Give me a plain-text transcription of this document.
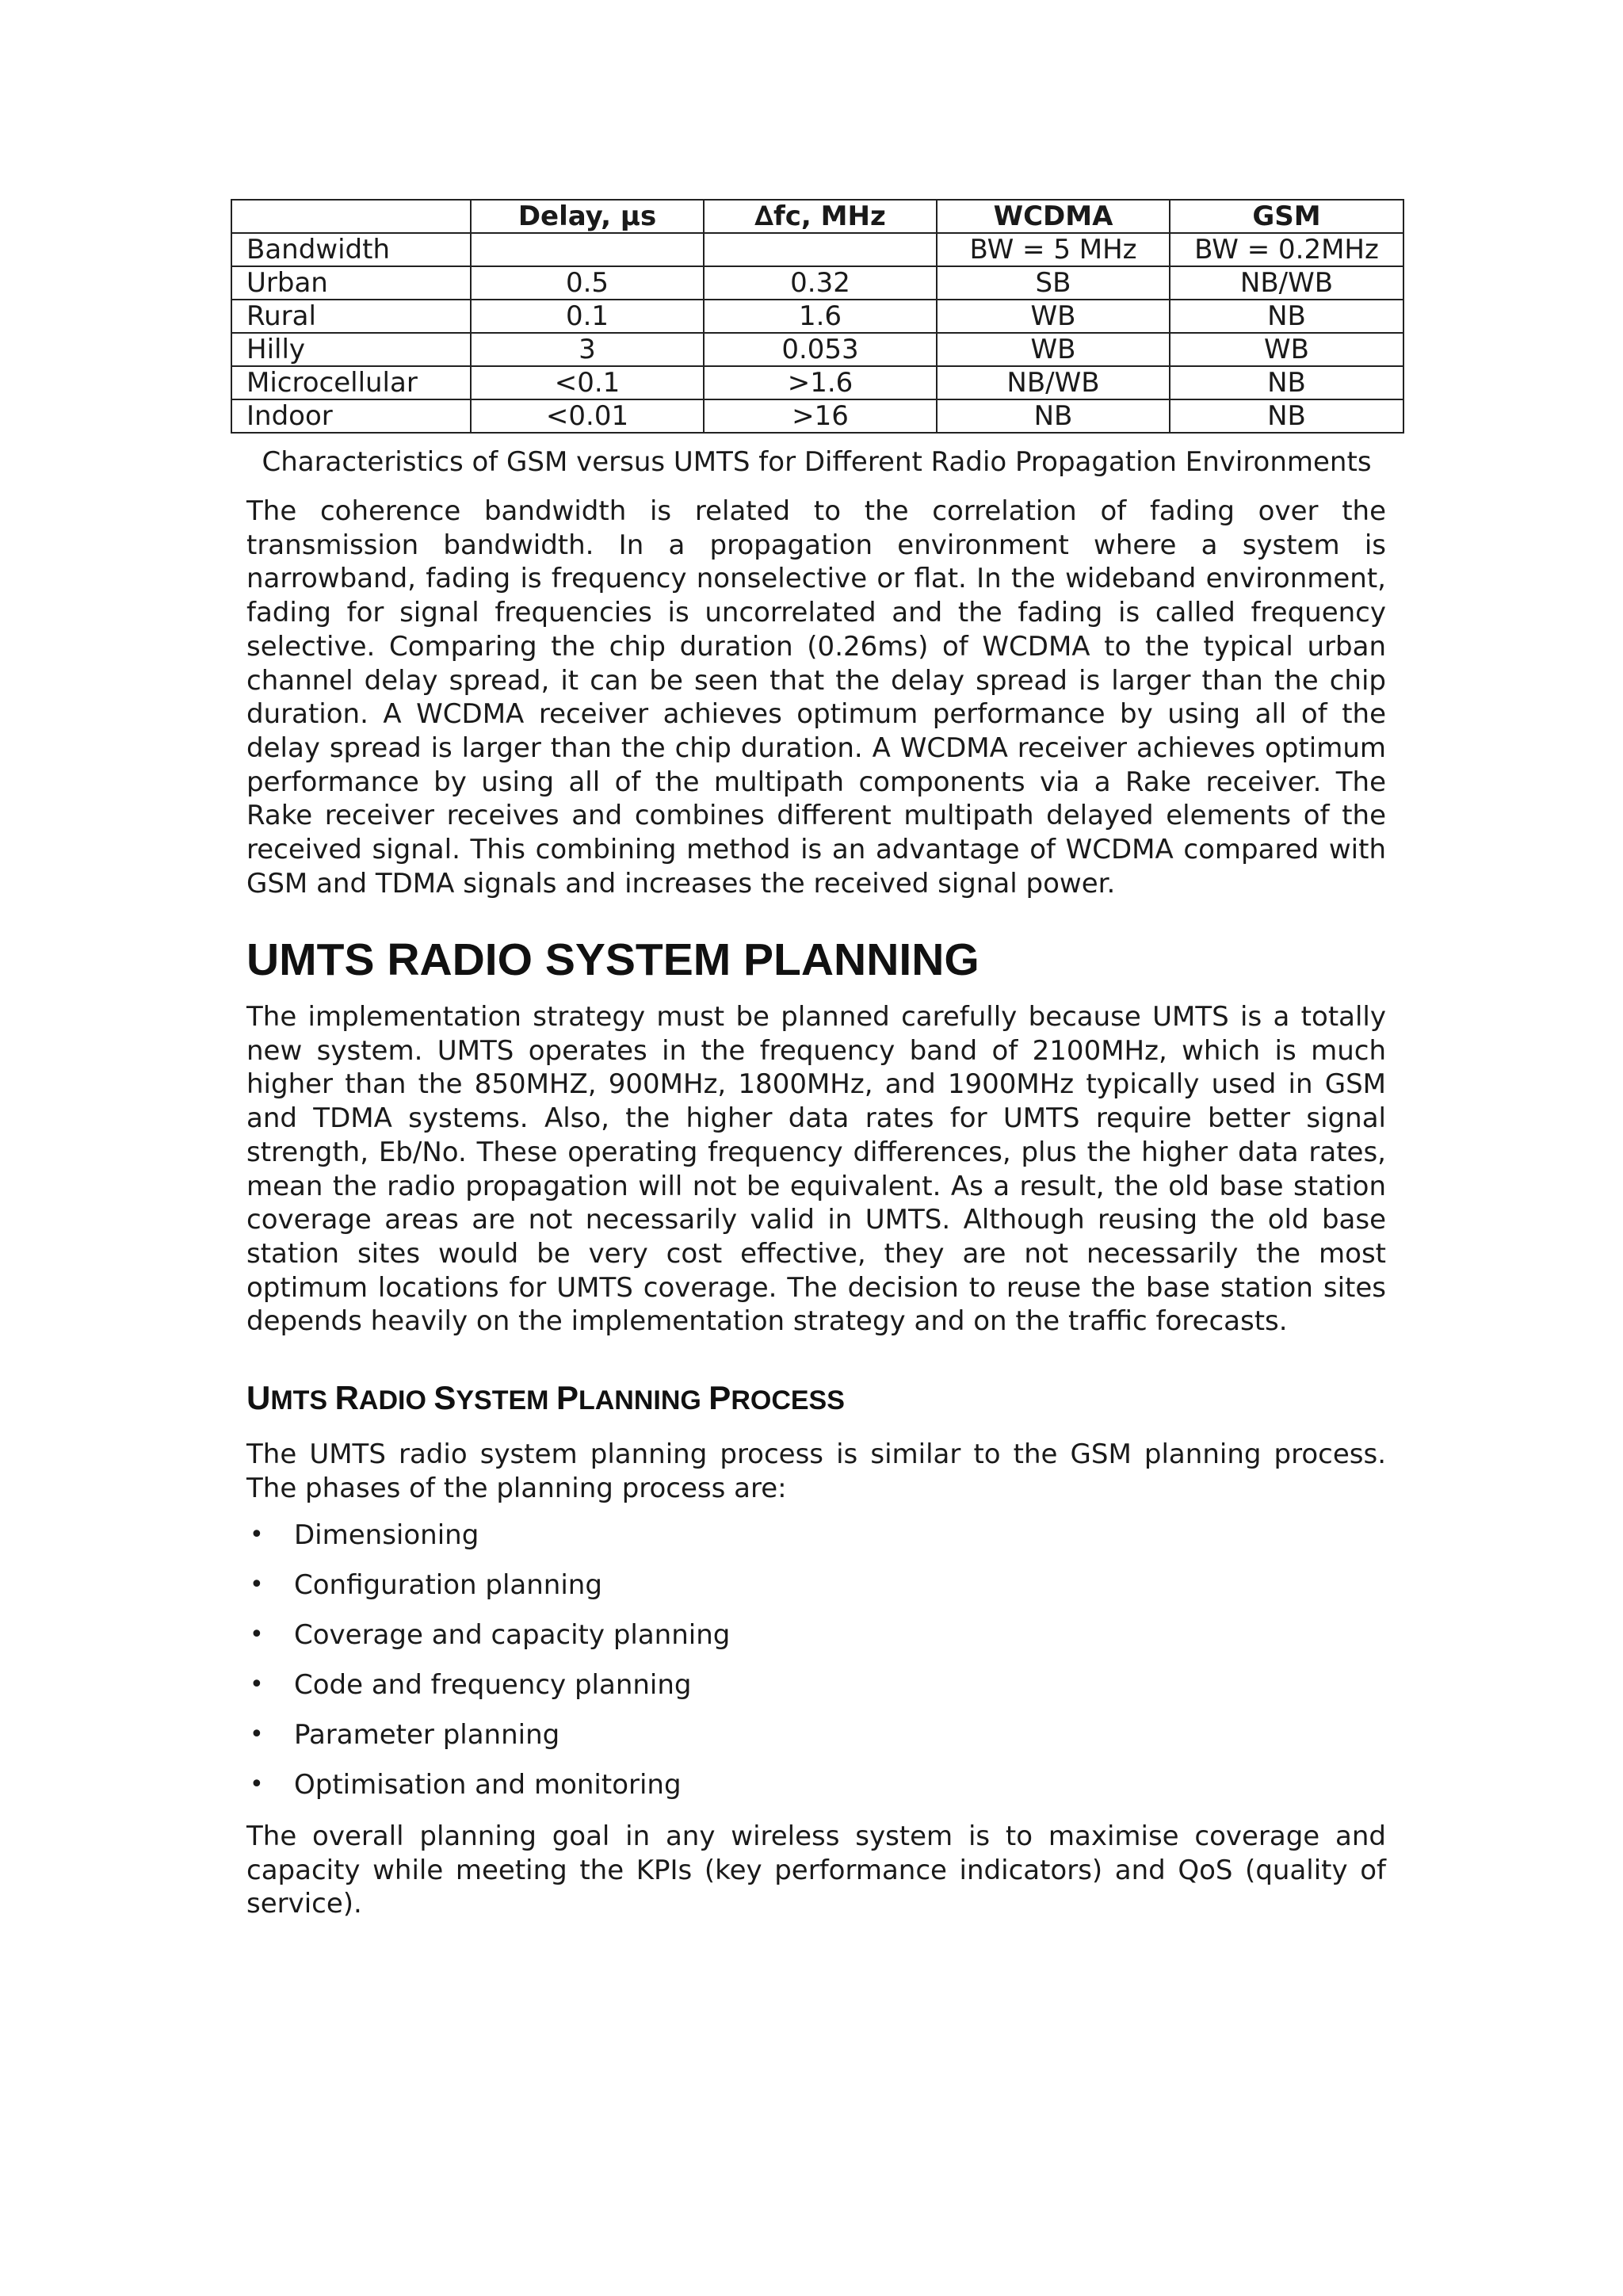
	Delay, µs	∆fc, MHz	WCDMA	GSM
Bandwidth			BW = 5 MHz	BW = 0.2MHz
Urban	0.5	0.32	SB	NB/WB
Rural	0.1	1.6	WB	NB
Hilly	3	0.053	WB	WB
Microcellular	<0.1	>1.6	NB/WB	NB
Indoor	<0.01	>16	NB	NB
Characteristics of GSM versus UMTS for Different Radio Propagation Environments

The coherence bandwidth is related to the correlation of fading over the transmission bandwidth. In a propagation environment where a system is narrowband, fading is frequency nonselective or flat. In the wideband environment, fading for signal frequencies is uncorrelated and the fading is called frequency selective. Comparing the chip duration (0.26ms) of WCDMA to the typical urban channel delay spread, it can be seen that the delay spread is larger than the chip duration. A WCDMA receiver achieves optimum performance by using all of the delay spread is larger than the chip duration. A WCDMA receiver achieves optimum performance by using all of the multipath components via a Rake receiver. The Rake receiver receives and combines different multipath delayed elements of the received signal. This combining method is an advantage of WCDMA compared with GSM and TDMA signals and increases the received signal power.

UMTS RADIO SYSTEM PLANNING

The implementation strategy must be planned carefully because UMTS is a totally new system. UMTS operates in the frequency band of 2100MHz, which is much higher than the 850MHZ, 900MHz, 1800MHz, and 1900MHz typically used in GSM and TDMA systems. Also, the higher data rates for UMTS require better signal strength, Eb/No. These operating frequency differences, plus the higher data rates, mean the radio propagation will not be equivalent. As a result, the old base station coverage areas are not necessarily valid in UMTS. Although reusing the old base station sites would be very cost effective, they are not necessarily the most optimum locations for UMTS coverage. The decision to reuse the base station sites depends heavily on the implementation strategy and on the traffic forecasts.

UMTS RADIO SYSTEM PLANNING PROCESS

The UMTS radio system planning process is similar to the GSM planning process. The phases of the planning process are:

• Dimensioning
• Configuration planning
• Coverage and capacity planning
• Code and frequency planning
• Parameter planning
• Optimisation and monitoring

The overall planning goal in any wireless system is to maximise coverage and capacity while meeting the KPIs (key performance indicators) and QoS (quality of service).
